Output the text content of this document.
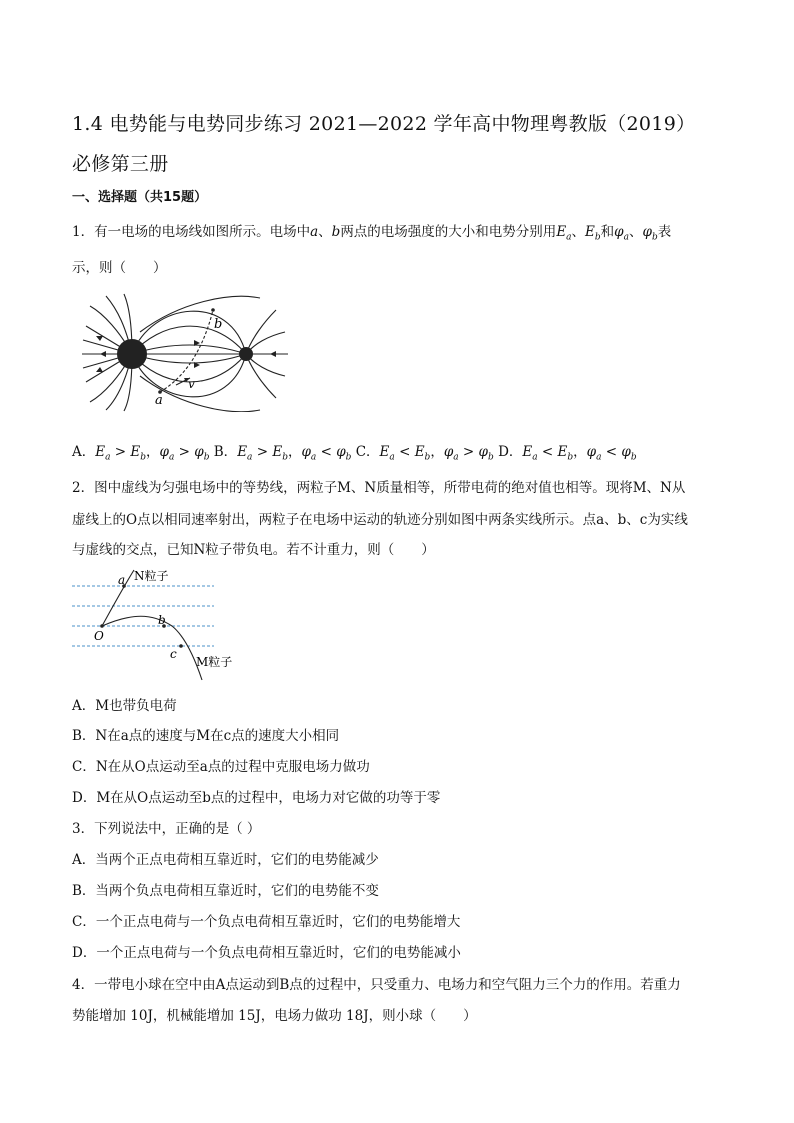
1.4 电势能与电势同步练习 2021—2022 学年高中物理粤教版（2019）
必修第三册
一、选择题（共15题）
1．有一电场的电场线如图所示。电场中a、b两点的电场强度的大小和电势分别用$E_a$、$E_b$和$\varphi_a$、$\varphi_b$表
示，则（　　）
b
a
v
A．$E_a > E_b$，$\varphi_a > \varphi_b$ B．$E_a > E_b$，$\varphi_a < \varphi_b$ C．$E_a < E_b$，$\varphi_a > \varphi_b$ D．$E_a < E_b$，$\varphi_a < \varphi_b$
2．图中虚线为匀强电场中的等势线，两粒子M、N质量相等，所带电荷的绝对值也相等。现将M、N从
虚线上的O点以相同速率射出，两粒子在电场中运动的轨迹分别如图中两条实线所示。点a、b、c为实线
与虚线的交点，已知N粒子带负电。若不计重力，则（　　）
a N粒子
O
b
c
M粒子
A．M也带负电荷
B．N在a点的速度与M在c点的速度大小相同
C．N在从O点运动至a点的过程中克服电场力做功
D．M在从O点运动至b点的过程中，电场力对它做的功等于零
3．下列说法中，正确的是（ ）
A．当两个正点电荷相互靠近时，它们的电势能减少
B．当两个负点电荷相互靠近时，它们的电势能不变
C．一个正点电荷与一个负点电荷相互靠近时，它们的电势能增大
D．一个正点电荷与一个负点电荷相互靠近时，它们的电势能减小
4．一带电小球在空中由A点运动到B点的过程中，只受重力、电场力和空气阻力三个力的作用。若重力
势能增加 10J，机械能增加 15J，电场力做功 18J，则小球（　　）
